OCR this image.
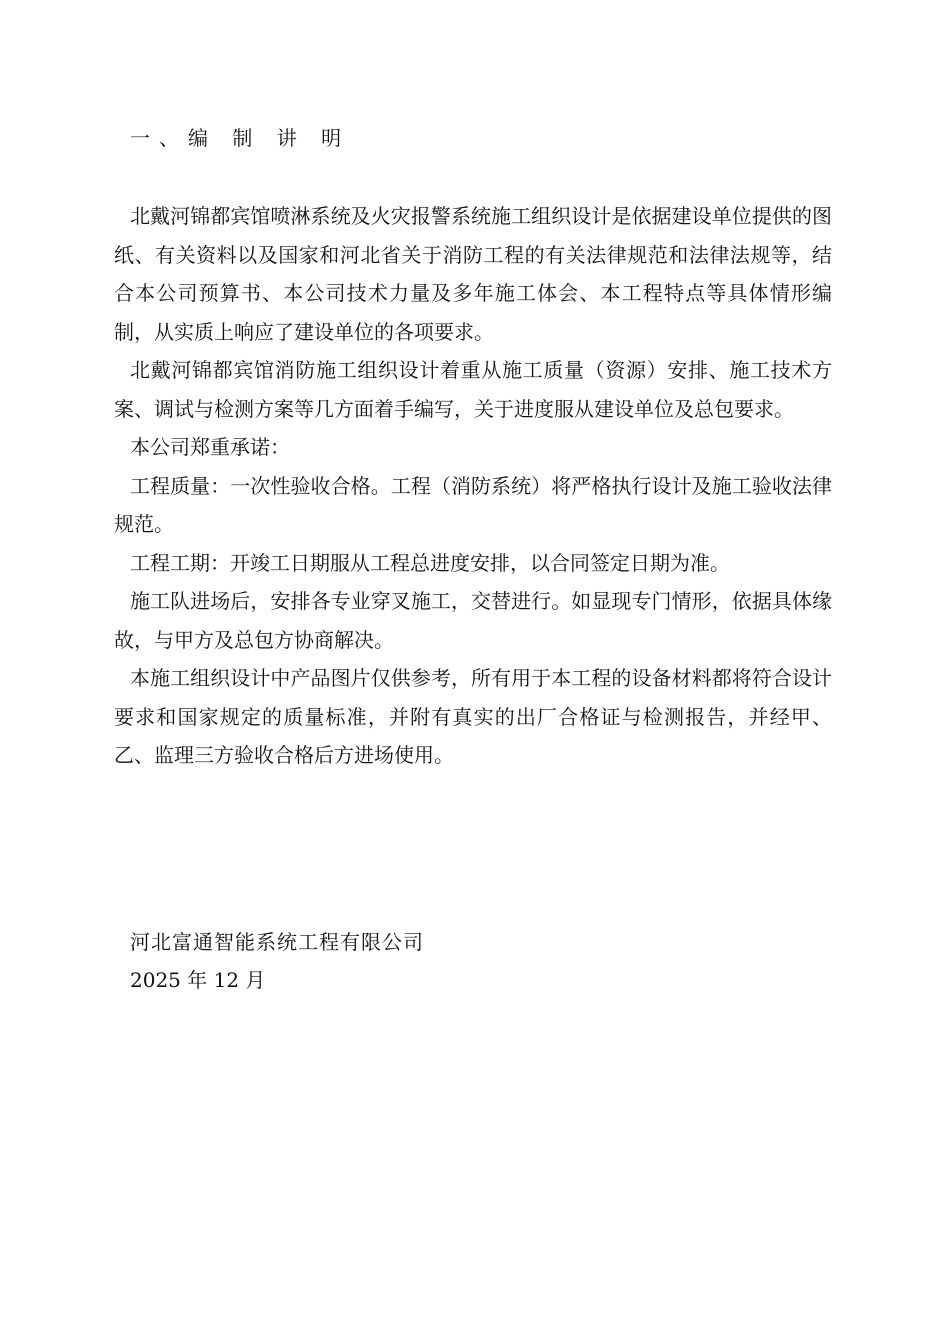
一、编 制 讲 明

北戴河锦都宾馆喷淋系统及火灾报警系统施工组织设计是依据建设单位提供的图纸、有关资料以及国家和河北省关于消防工程的有关法律规范和法律法规等，结合本公司预算书、本公司技术力量及多年施工体会、本工程特点等具体情形编制，从实质上响应了建设单位的各项要求。

北戴河锦都宾馆消防施工组织设计着重从施工质量（资源）安排、施工技术方案、调试与检测方案等几方面着手编写，关于进度服从建设单位及总包要求。

本公司郑重承诺：

工程质量：一次性验收合格。工程（消防系统）将严格执行设计及施工验收法律规范。

工程工期：开竣工日期服从工程总进度安排，以合同签定日期为准。

施工队进场后，安排各专业穿叉施工，交替进行。如显现专门情形，依据具体缘故，与甲方及总包方协商解决。

本施工组织设计中产品图片仅供参考，所有用于本工程的设备材料都将符合设计要求和国家规定的质量标准，并附有真实的出厂合格证与检测报告，并经甲、乙、监理三方验收合格后方进场使用。

河北富通智能系统工程有限公司
2025 年 12 月
